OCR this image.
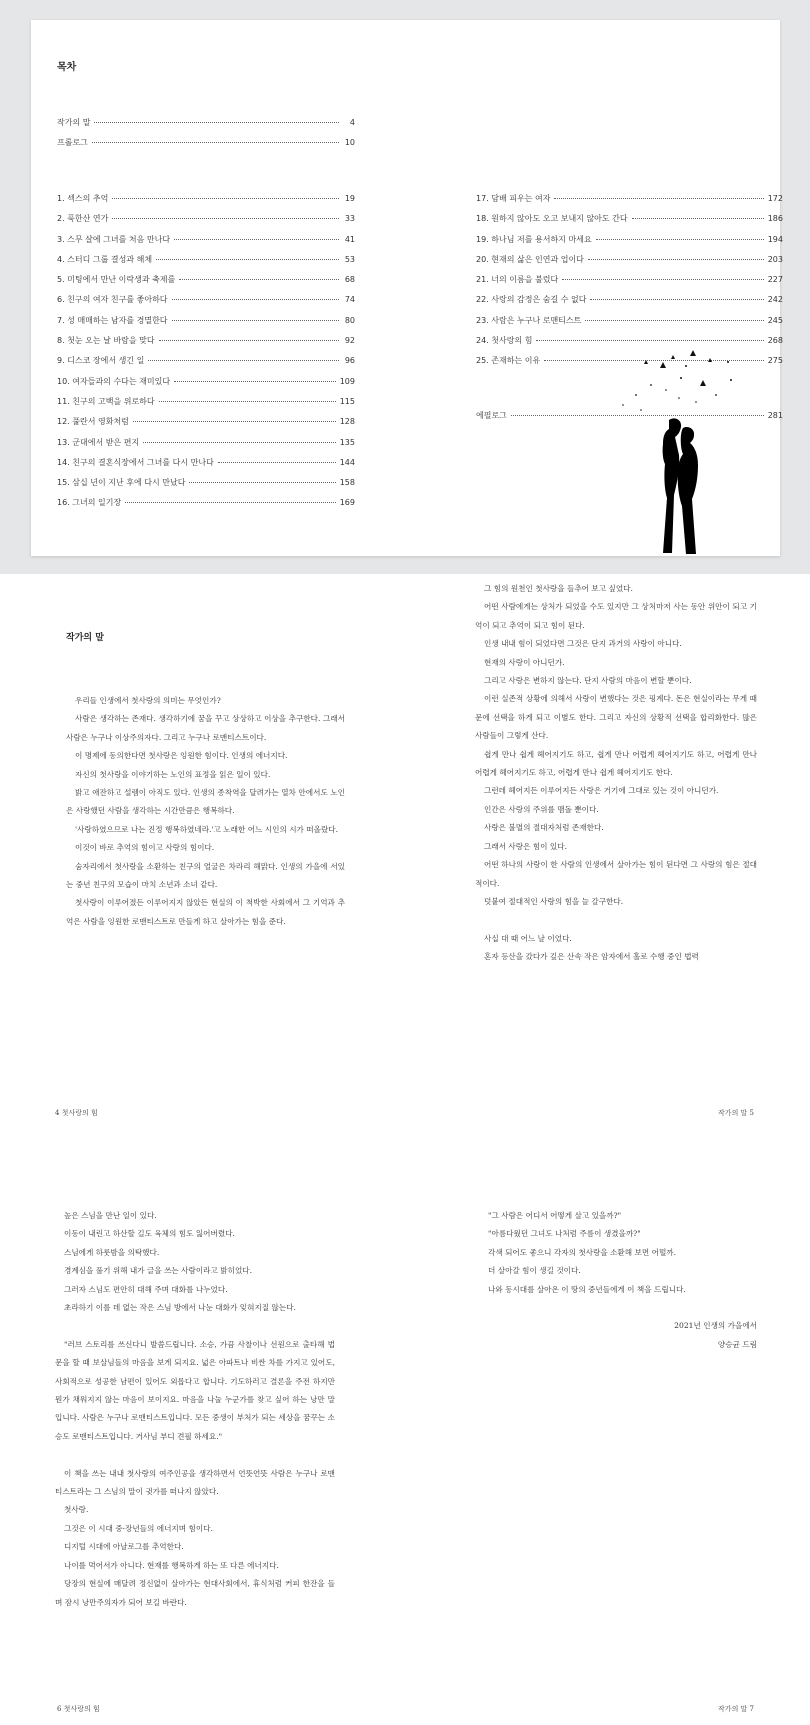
목차
작가의 말	4
프롤로그	10
1. 섹스의 추억	19
2. 푹한산 연가	33
3. 스무 살에 그녀를 처음 만나다	41
4. 스터디 그룹 결성과 해체	53
5. 미팅에서 만난 이락생과 축제를	68
6. 친구의 여자 친구를 좋아하다	74
7. 성 매매하는 남자를 경멸한다	80
8. 첫눈 오는 날 바람을 맞다	92
9. 디스코 장에서 생긴 일	96
10. 여자들과의 수다는 재미있다	109
11. 친구의 고백을 위로하다	115
12. 풀란서 영화처럼	128
13. 군대에서 받은 편지	135
14. 친구의 결혼식장에서 그녀를 다시 만나다	144
15. 삼십 년이 지난 후에 다시 만났다	158
16. 그녀의 일기장	169
17. 담배 피우는 여자	172
18. 원하지 않아도 오고 보내지 않아도 간다	186
19. 하나님 저를 용서하지 마세요	194
20. 현재의 삶은 인연과 업이다	203
21. 너의 이름을 불렀다	227
22. 사랑의 감정은 숨길 수 없다	242
23. 사람은 누구나 로맨티스트	245
24. 첫사랑의 힘	268
25. 존재하는 이유	275
에필로그	281
작가의 말

우리들 인생에서 첫사랑의 의미는 무엇인가?

사람은 생각하는 존재다. 생각하기에 꿈을 꾸고 상상하고 이상을 추구한다. 그래서 사람은 누구나 이상주의자다. 그리고 누구나 로맨티스트이다.

이 명제에 동의한다면 첫사랑은 잉원한 힘이다. 인생의 에너지다.

자신의 첫사랑을 이야기하는 노인의 표정을 읽은 일이 있다.

밝고 애잔하고 설렘이 아직도 있다. 인생의 종착역을 달려가는 열차 안에서도 노인은 사랑했던 사람을 생각하는 시간만큼은 행복하다.

'사랑하였으므로 나는 진정 행복하였네라.'고 노래한 어느 시인의 시가 떠올랐다.

이것이 바로 추억의 힘이고 사랑의 힘이다.

숨자리에서 첫사랑을 소환하는 친구의 얼굴은 차라리 해맑다. 인생의 가을에 서있는 중년 친구의 모습이 마치 소년과 소녀 같다.

첫사랑이 이루어졌든 이루어지지 않았든 현실의 이 척박한 사회에서 그 기억과 추억은 사람을 잉원한 로맨티스트로 만들게 하고 살아가는 힘을 준다.

그 힘의 원천인 첫사랑을 들추어 보고 싶었다.

어떤 사람에게는 상처가 되었을 수도 있지만 그 상처마저 사는 동안 위안이 되고 기억이 되고 추억이 되고 힘이 된다.

인생 내내 힘이 되었다면 그것은 단지 과거의 사랑이 아니다.

현재의 사랑이 아니던가.

그리고 사랑은 변하지 않는다. 단지 사람의 마음이 변할 뿐이다.

이런 실존적 상황에 의해서 사랑이 변했다는 것은 핑계다. 돈은 현실이라는 무게 때문에 선택을 하게 되고 이별도 한다. 그리고 자신의 상황적 선택을 합리화한다. 많은 사람들이 그렇게 산다.

쉽게 만나 쉽게 헤어지기도 하고, 쉽게 만나 어렵게 헤어지기도 하고, 어렵게 만나 어렵게 헤어지기도 하고, 어렵게 만나 쉽게 헤어지기도 한다.

그런데 헤어지든 이루어지든 사랑은 거기에 그대로 있는 것이 아니던가.

인간은 사랑의 주위를 맴돌 뿐이다.

사랑은 불멸의 절대자처럼 존재한다.

그래서 사랑은 힘이 있다.

어떤 하나의 사랑이 한 사람의 인생에서 살아가는 힘이 된다면 그 사랑의 힘은 절대적이다.

덧붙여 절대적인 사랑의 힘을 늘 갈구한다.

사십 대 때 어느 날 이었다.

혼자 등산을 갔다가 깊은 산속 작은 암자에서 홀로 수행 중인 법력

4 첫사랑의 힘	작가의 말 5

높은 스님을 만난 일이 있다.

이동이 내린고 하산할 길도 육체의 힘도 잃어버렸다.

스님에게 하룻밤을 의탁했다.

경계심을 풀기 위해 내가 글을 쓰는 사람이라고 밝히었다.

그러자 스님도 편안히 대해 주며 대화를 나누었다.

초라하기 이를 데 없는 작은 스님 방에서 나눈 대화가 잊혀지질 않는다.

"러브 스토리를 쓰신다니 발씀드립니다. 소승, 가끔 사찰이나 선원으로 출타해 법문을 할 때 보살님들의 마음을 보게 되지요. 넓은 아파트나 비싼 차를 가지고 있어도, 사회적으로 성공한 남편이 있어도 외롭다고 합니다. 기도하러고 결론을 주전 하지만 뭔가 채워지지 않는 마음이 보이지요. 마음을 나눌 누군가를 찾고 싶어 하는 낭만 말입니다. 사람은 누구나 로맨티스트입니다. 모든 중생이 부처가 되는 세상을 꿈꾸는 소승도 로맨티스트입니다. 거사님 부디 견필 하세요."

이 책을 쓰는 내내 첫사랑의 여주인공을 생각하면서 언뜻언뜻 사람은 누구나 로맨티스트라는 그 스님의 말이 귓가를 떠나지 않았다.

첫사랑.

그것은 이 시대 중·장년들의 에너지며 힘이다.

디지털 시대에 아날로그를 추억한다.

나이를 먹어서가 아니다. 현재를 행복하게 하는 또 다른 에너지다.

당장의 현실에 매달려 정신없이 살아가는 현대사회에서, 휴식처럼 커피 한잔을 들며 잠시 낭만주의자가 되어 보길 바란다.

"그 사람은 어디서 어떻게 살고 있을까?"

"아름다웠던 그녀도 나처럼 주름이 생겼을까?"

각색 되어도 좋으니 각자의 첫사랑을 소환해 보면 어떨까.

더 살아갈 힘이 생길 것이다.

나와 동시대를 살아온 이 땅의 중년들에게 이 책을 드립니다.

2021년 인생의 가을에서

양승균 드림

6 첫사랑의 힘	작가의 말 7
